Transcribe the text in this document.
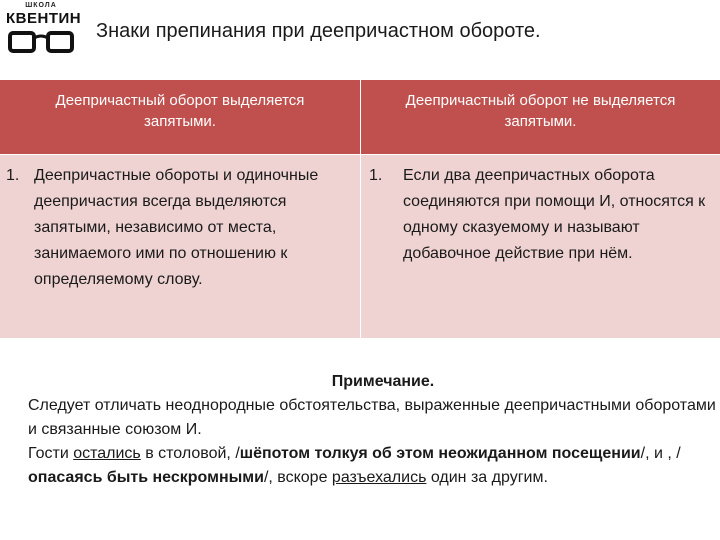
ШКОЛА
КВЕНТИН
Знаки препинания при деепричастном обороте.
Деепричастный оборот выделяется запятыми.
Деепричастный оборот не выделяется запятыми.
1. Деепричастные обороты и одиночные деепричастия всегда выделяются запятыми, независимо от места, занимаемого ими по отношению к определяемому слову.
1. Если два деепричастных оборота соединяются при помощи И, относятся к одному сказуемому и называют добавочное действие при нём.
Примечание.
Следует отличать неоднородные обстоятельства, выраженные деепричастными оборотами и связанные союзом И.
Гости остались в столовой, /шёпотом толкуя об этом неожиданном посещении/, и , /опасаясь быть нескромными/, вскоре разъехались один за другим.
